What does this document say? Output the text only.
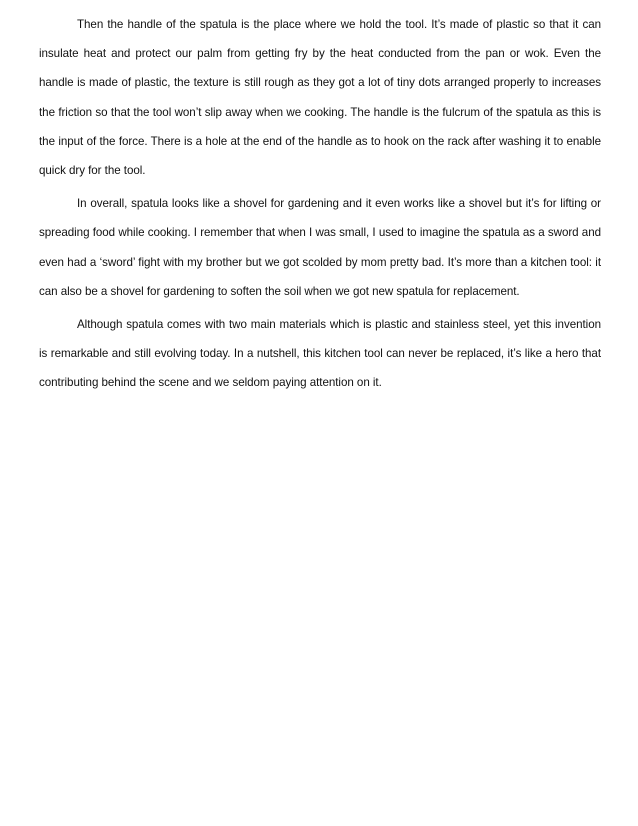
Then the handle of the spatula is the place where we hold the tool. It’s made of plastic so that it can insulate heat and protect our palm from getting fry by the heat conducted from the pan or wok. Even the handle is made of plastic, the texture is still rough as they got a lot of tiny dots arranged properly to increases the friction so that the tool won’t slip away when we cooking. The handle is the fulcrum of the spatula as this is the input of the force. There is a hole at the end of the handle as to hook on the rack after washing it to enable quick dry for the tool.

In overall, spatula looks like a shovel for gardening and it even works like a shovel but it’s for lifting or spreading food while cooking. I remember that when I was small, I used to imagine the spatula as a sword and even had a ‘sword’ fight with my brother but we got scolded by mom pretty bad. It’s more than a kitchen tool: it can also be a shovel for gardening to soften the soil when we got new spatula for replacement.

Although spatula comes with two main materials which is plastic and stainless steel, yet this invention is remarkable and still evolving today. In a nutshell, this kitchen tool can never be replaced, it’s like a hero that contributing behind the scene and we seldom paying attention on it.
